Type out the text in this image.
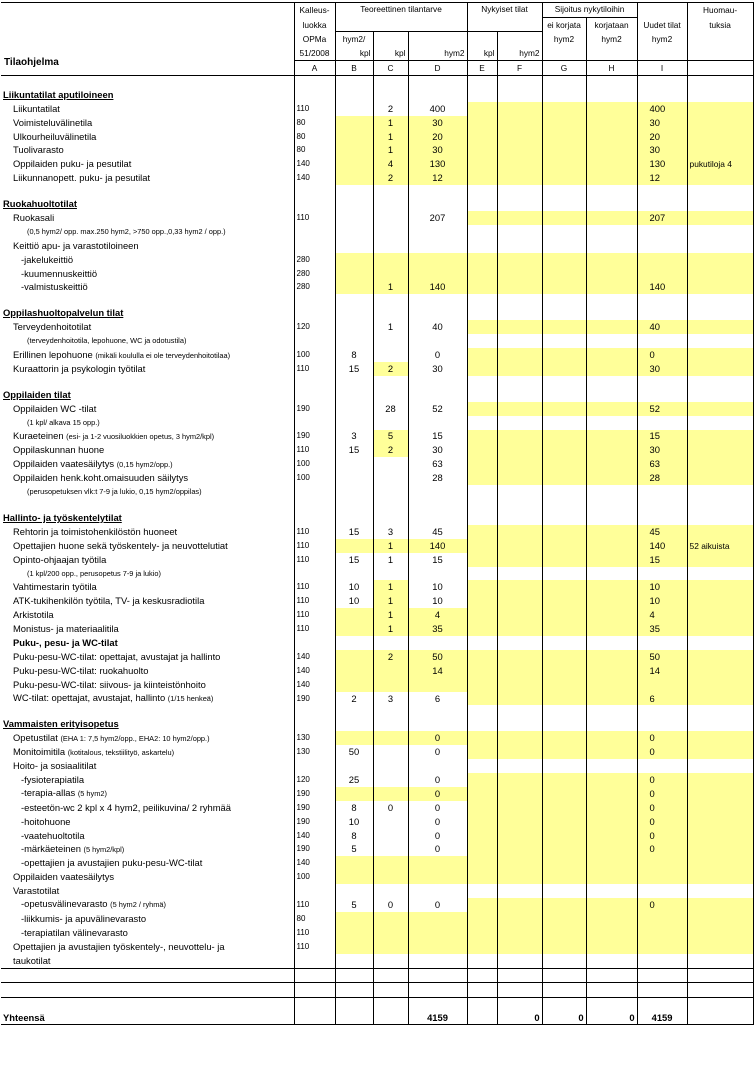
Tilaohjelma	Kalleus-	Teoreettinen tilantarve			Nykyiset tilat		Sijoitus nykytiloihin			Huomau-
	luokka						ei korjata	korjataan	Uudet tilat	tuksia
	OPMa	hym2/					hym2	hym2	hym2	
	51/2008	kpl	kpl	hym2	kpl	hym2				
	A	B	C	D	E	F	G	H	I	

Liikuntatilat aputiloineen										
Liikuntatilat	110		2	400					400	
Voimisteluvälinetila	80		1	30					30	
Ulkourheiluvälinetila	80		1	20					20	
Tuolivarasto	80		1	30					30	
Oppilaiden puku- ja pesutilat	140		4	130					130	pukutiloja 4
Liikunnanopett. puku- ja pesutilat	140		2	12					12	

Ruokahuoltotilat										
Ruokasali	110			207					207	
(0,5 hym2/ opp. max.250 hym2, >750 opp.,0,33 hym2 / opp.)										
Keittiö apu- ja varastotiloineen										
-jakelukeittiö	280									
-kuumennuskeittiö	280									
-valmistuskeittiö	280		1	140					140	

Oppilashuoltopalvelun tilat										
Terveydenhoitotilat	120		1	40					40	
(terveydenhoitotila, lepohuone, WC ja odotustila)										
Erillinen lepohuone (mikäli koululla ei ole terveydenhoitotilaa)	100	8		0					0	
Kuraattorin ja psykologin työtilat	110	15	2	30					30	

Oppilaiden tilat										
Oppilaiden WC -tilat	190		28	52					52	
(1 kpl/ alkava 15 opp.)										
Kuraeteinen (esi- ja 1-2 vuosiluokkien opetus, 3 hym2/kpl)	190	3	5	15					15	
Oppilaskunnan huone	110	15	2	30					30	
Oppilaiden vaatesäilytys (0,15 hym2/opp.)	100			63					63	
Oppilaiden henk.koht.omaisuuden säilytys	100			28					28	
(perusopetuksen vlk:t 7-9 ja lukio, 0,15 hym2/oppilas)										

Hallinto- ja työskentelytilat										
Rehtorin ja toimistohenkilöstön huoneet	110	15	3	45					45	
Opettajien huone sekä työskentely- ja neuvottelutiat	110		1	140					140	52 aikuista
Opinto-ohjaajan työtila	110	15	1	15					15	
(1 kpl/200 opp., perusopetus 7-9 ja lukio)										
Vahtimestarin työtila	110	10	1	10					10	
ATK-tukihenkilön työtila, TV- ja keskusradiotila	110	10	1	10					10	
Arkistotila	110		1	4					4	
Monistus- ja materiaalitila	110		1	35					35	
Puku-, pesu- ja WC-tilat										
Puku-pesu-WC-tilat: opettajat, avustajat ja hallinto	140		2	50					50	
Puku-pesu-WC-tilat: ruokahuolto	140			14					14	
Puku-pesu-WC-tilat: siivous- ja kiinteistönhoito	140									
WC-tilat: opettajat, avustajat, hallinto (1/15 henkeä)	190	2	3	6					6	

Vammaisten erityisopetus										
Opetustilat (EHA 1: 7,5 hym2/opp., EHA2: 10 hym2/opp.)	130			0					0	
Monitoimitila (kotitalous, tekstiilityö, askartelu)	130	50		0					0	
Hoito- ja sosiaalitilat										
-fysioterapiatila	120	25		0					0	
-terapia-allas (5 hym2)	190			0					0	
-esteetön-wc 2 kpl x 4 hym2, peilikuvina/ 2 ryhmää	190	8	0	0					0	
-hoitohuone	190	10		0					0	
-vaatehuoltotila	140	8		0					0	
-märkäeteinen (5 hym2/kpl)	190	5		0					0	
-opettajien ja avustajien puku-pesu-WC-tilat	140									
Oppilaiden vaatesäilytys	100									
Varastotilat										
-opetusvälinevarasto (5 hym2 / ryhmä)	110	5	0	0					0	
-liikkumis- ja apuvälinevarasto	80									
-terapiatilan välinevarasto	110									
Opettajien ja avustajien työskentely-, neuvottelu- ja	110									
taukotilat										

Yhteensä				4159		0	0	0	4159	
